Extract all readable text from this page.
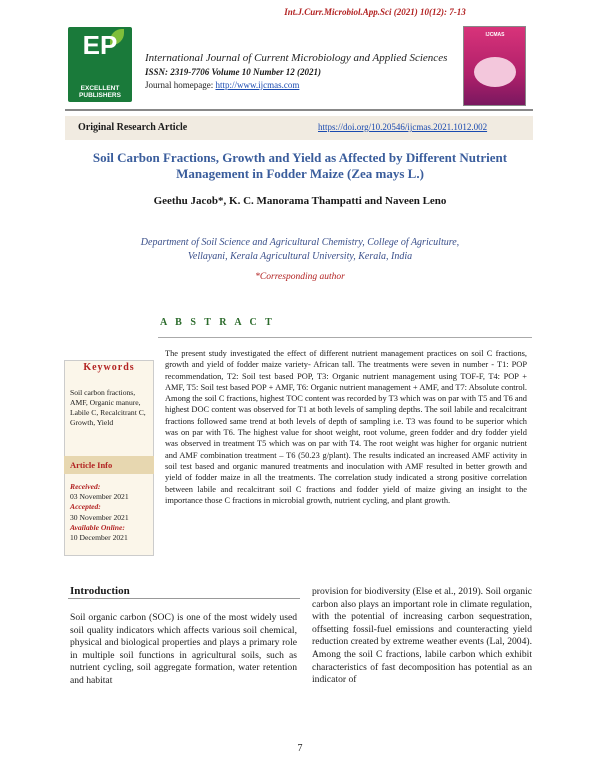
Int.J.Curr.Microbiol.App.Sci (2021) 10(12): 7-13
EP
EXCELLENT PUBLISHERS
International Journal of Current Microbiology and Applied Sciences
ISSN: 2319-7706 Volume 10 Number 12 (2021)
Journal homepage: http://www.ijcmas.com
IJCMAS
Original Research Article	https://doi.org/10.20546/ijcmas.2021.1012.002
Soil Carbon Fractions, Growth and Yield as Affected by Different Nutrient Management in Fodder Maize (Zea mays L.)
Geethu Jacob*, K. C. Manorama Thampatti and Naveen Leno
Department of Soil Science and Agricultural Chemistry, College of Agriculture, Vellayani, Kerala Agricultural University, Kerala, India
*Corresponding author
A B S T R A C T
The present study investigated the effect of different nutrient management practices on soil C fractions, growth and yield of fodder maize variety- African tall. The treatments were seven in number - T1: POP recommendation, T2: Soil test based POP, T3: Organic nutrient management using TOF-F, T4: POP + AMF, T5: Soil test based POP + AMF, T6: Organic nutrient management + AMF, and T7: Absolute control. Among the soil C fractions, highest TOC content was recorded by T3 which was on par with T5 and T6 and highest DOC content was observed for T1 at both levels of sampling depths. The soil labile and recalcitrant fractions followed same trend at both levels of depth of sampling i.e. T3 was found to be superior which was on par with T6. The highest value for shoot weight, root volume, green fodder and dry fodder yield was observed in treatment T5 which was on par with T4. The root weight was higher for organic nutrient and AMF combination treatment – T6 (50.23 g/plant). The results indicated an increased AMF activity in soil test based and organic manured treatments and inoculation with AMF resulted in better growth and yield of fodder maize in all the treatments. The correlation study indicated a strong positive correlation between labile and recalcitrant soil C fractions and fodder yield of maize giving an insight to the importance those C fractions in microbial growth, nutrient cycling, and plant growth.
Keywords
Soil carbon fractions, AMF, Organic manure, Labile C, Recalcitrant C, Growth, Yield
Article Info
Received:
03 November 2021
Accepted:
30 November 2021
Available Online:
10 December 2021
Introduction
Soil organic carbon (SOC) is one of the most widely used soil quality indicators which affects various soil chemical, physical and biological properties and plays a primary role in multiple soil functions in agricultural soils, such as nutrient cycling, soil aggregate formation, water retention and habitat
provision for biodiversity (Else et al., 2019). Soil organic carbon also plays an important role in climate regulation, with the potential of increasing carbon sequestration, offsetting fossil-fuel emissions and counteracting yield reduction created by extreme weather events (Lal, 2004). Among the soil C fractions, labile carbon which exhibit characteristics of fast decomposition has potential as an indicator of
7
